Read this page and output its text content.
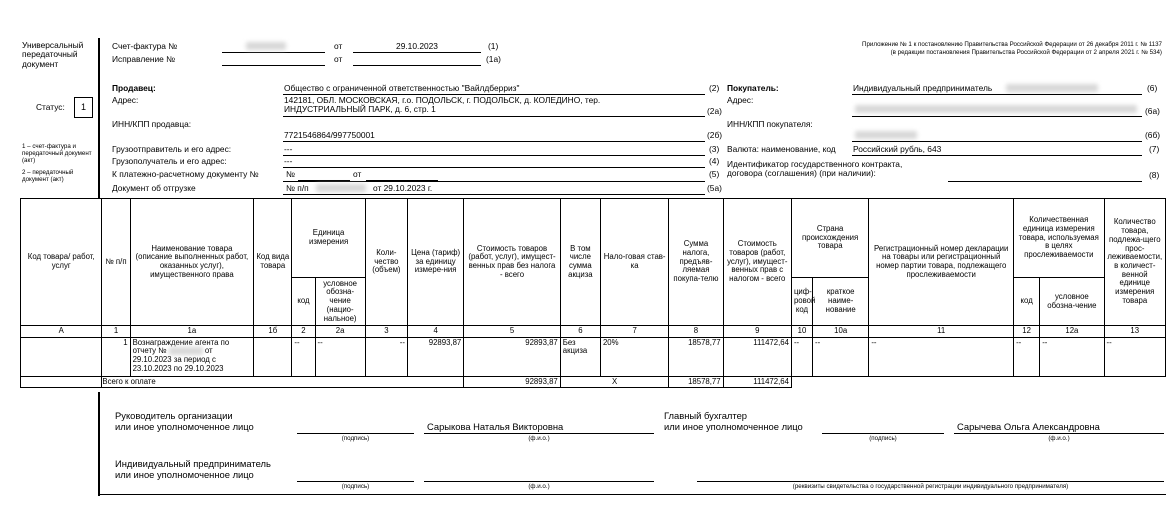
Универсальный передаточный документ
Статус:	1
1 – счет-фактура и передаточный документ (акт)
2 – передаточный документ (акт)
Счет-фактура №	от	29.10.2023	(1)
Исправление №	от	(1а)
Приложение № 1 к постановлению Правительства Российской Федерации от 26 декабря 2011 г. № 1137
(в редакции постановления Правительства Российской Федерации от 2 апреля 2021 г. № 534)
Продавец:	Общество с ограниченной ответственностью "Вайлдберриз"	(2)
Адрес:	142181, ОБЛ. МОСКОВСКАЯ, г.о. ПОДОЛЬСК, г. ПОДОЛЬСК, д. КОЛЕДИНО, тер. ИНДУСТРИАЛЬНЫЙ ПАРК, д. 6, стр. 1	(2а)
ИНН/КПП продавца:
7721546864/997750001	(2б)
Грузоотправитель и его адрес:	---	(3)
Грузополучатель и его адрес:	---	(4)
К платежно-расчетному документу №	№	от	(5)
Документ об отгрузке	№ п/п	от 29.10.2023 г.	(5а)
Покупатель:	Индивидуальный предприниматель	(6)
Адрес:
(6а)
ИНН/КПП покупателя:
(6б)
Валюта: наименование, код Российский рубль, 643	(7)
Идентификатор государственного контракта, договора (соглашения) (при наличии):	(8)
Код товара/ работ, услуг	№ п/п	Наименование товара (описание выполненных работ, оказанных услуг), имущественного права	Код вида товара	Единица измерения		Коли-чество (объем)	Цена (тариф) за единицу измере-ния	Стоимость товаров (работ, услуг), имущест-венных прав без налога - всего	В том числе сумма акциза	Нало-говая став-ка	Сумма налога, предъяв-ляемая покупа-телю	Стоимость товаров (работ, услуг), имущест-венных прав с налогом - всего	Страна происхождения товара		Регистрационный номер декларации на товары или регистрационный номер партии товара, подлежащего прослеживаемости	Количественная единица измерения товара, используемая в целях прослеживаемости		Количество товара, подлежа-щего прос-леживаемости, в количест-венной единице измерения товара
				код	условное обозна-чение (нацио-нальное)								циф-ровой код	краткое наиме-нование		код	условное обозна-чение	
А	1	1а	1б	2	2а	3	4	5	6	7	8	9	10	10а	11	12	12а	13
	1	Вознаграждение агента по отчету № от 29.10.2023 за период с 23.10.2023 по 29.10.2023		--	--	--	92893,87	92893,87	Без акциза	20%	18578,77	111472,64	--	--	--	--	--	--
	Всего к оплате							92893,87	X		18578,77	111472,64						
Руководитель организации
или иное уполномоченное лицо
(подпись)
Сарыкова Наталья Викторовна
(ф.и.о.)
Главный бухгалтер
или иное уполномоченное лицо
(подпись)
Сарычева Ольга Александровна
(ф.и.о.)
Индивидуальный предприниматель
или иное уполномоченное лицо
(подпись)	(ф.и.о.)	(реквизиты свидетельства о государственной регистрации индивидуального предпринимателя)
